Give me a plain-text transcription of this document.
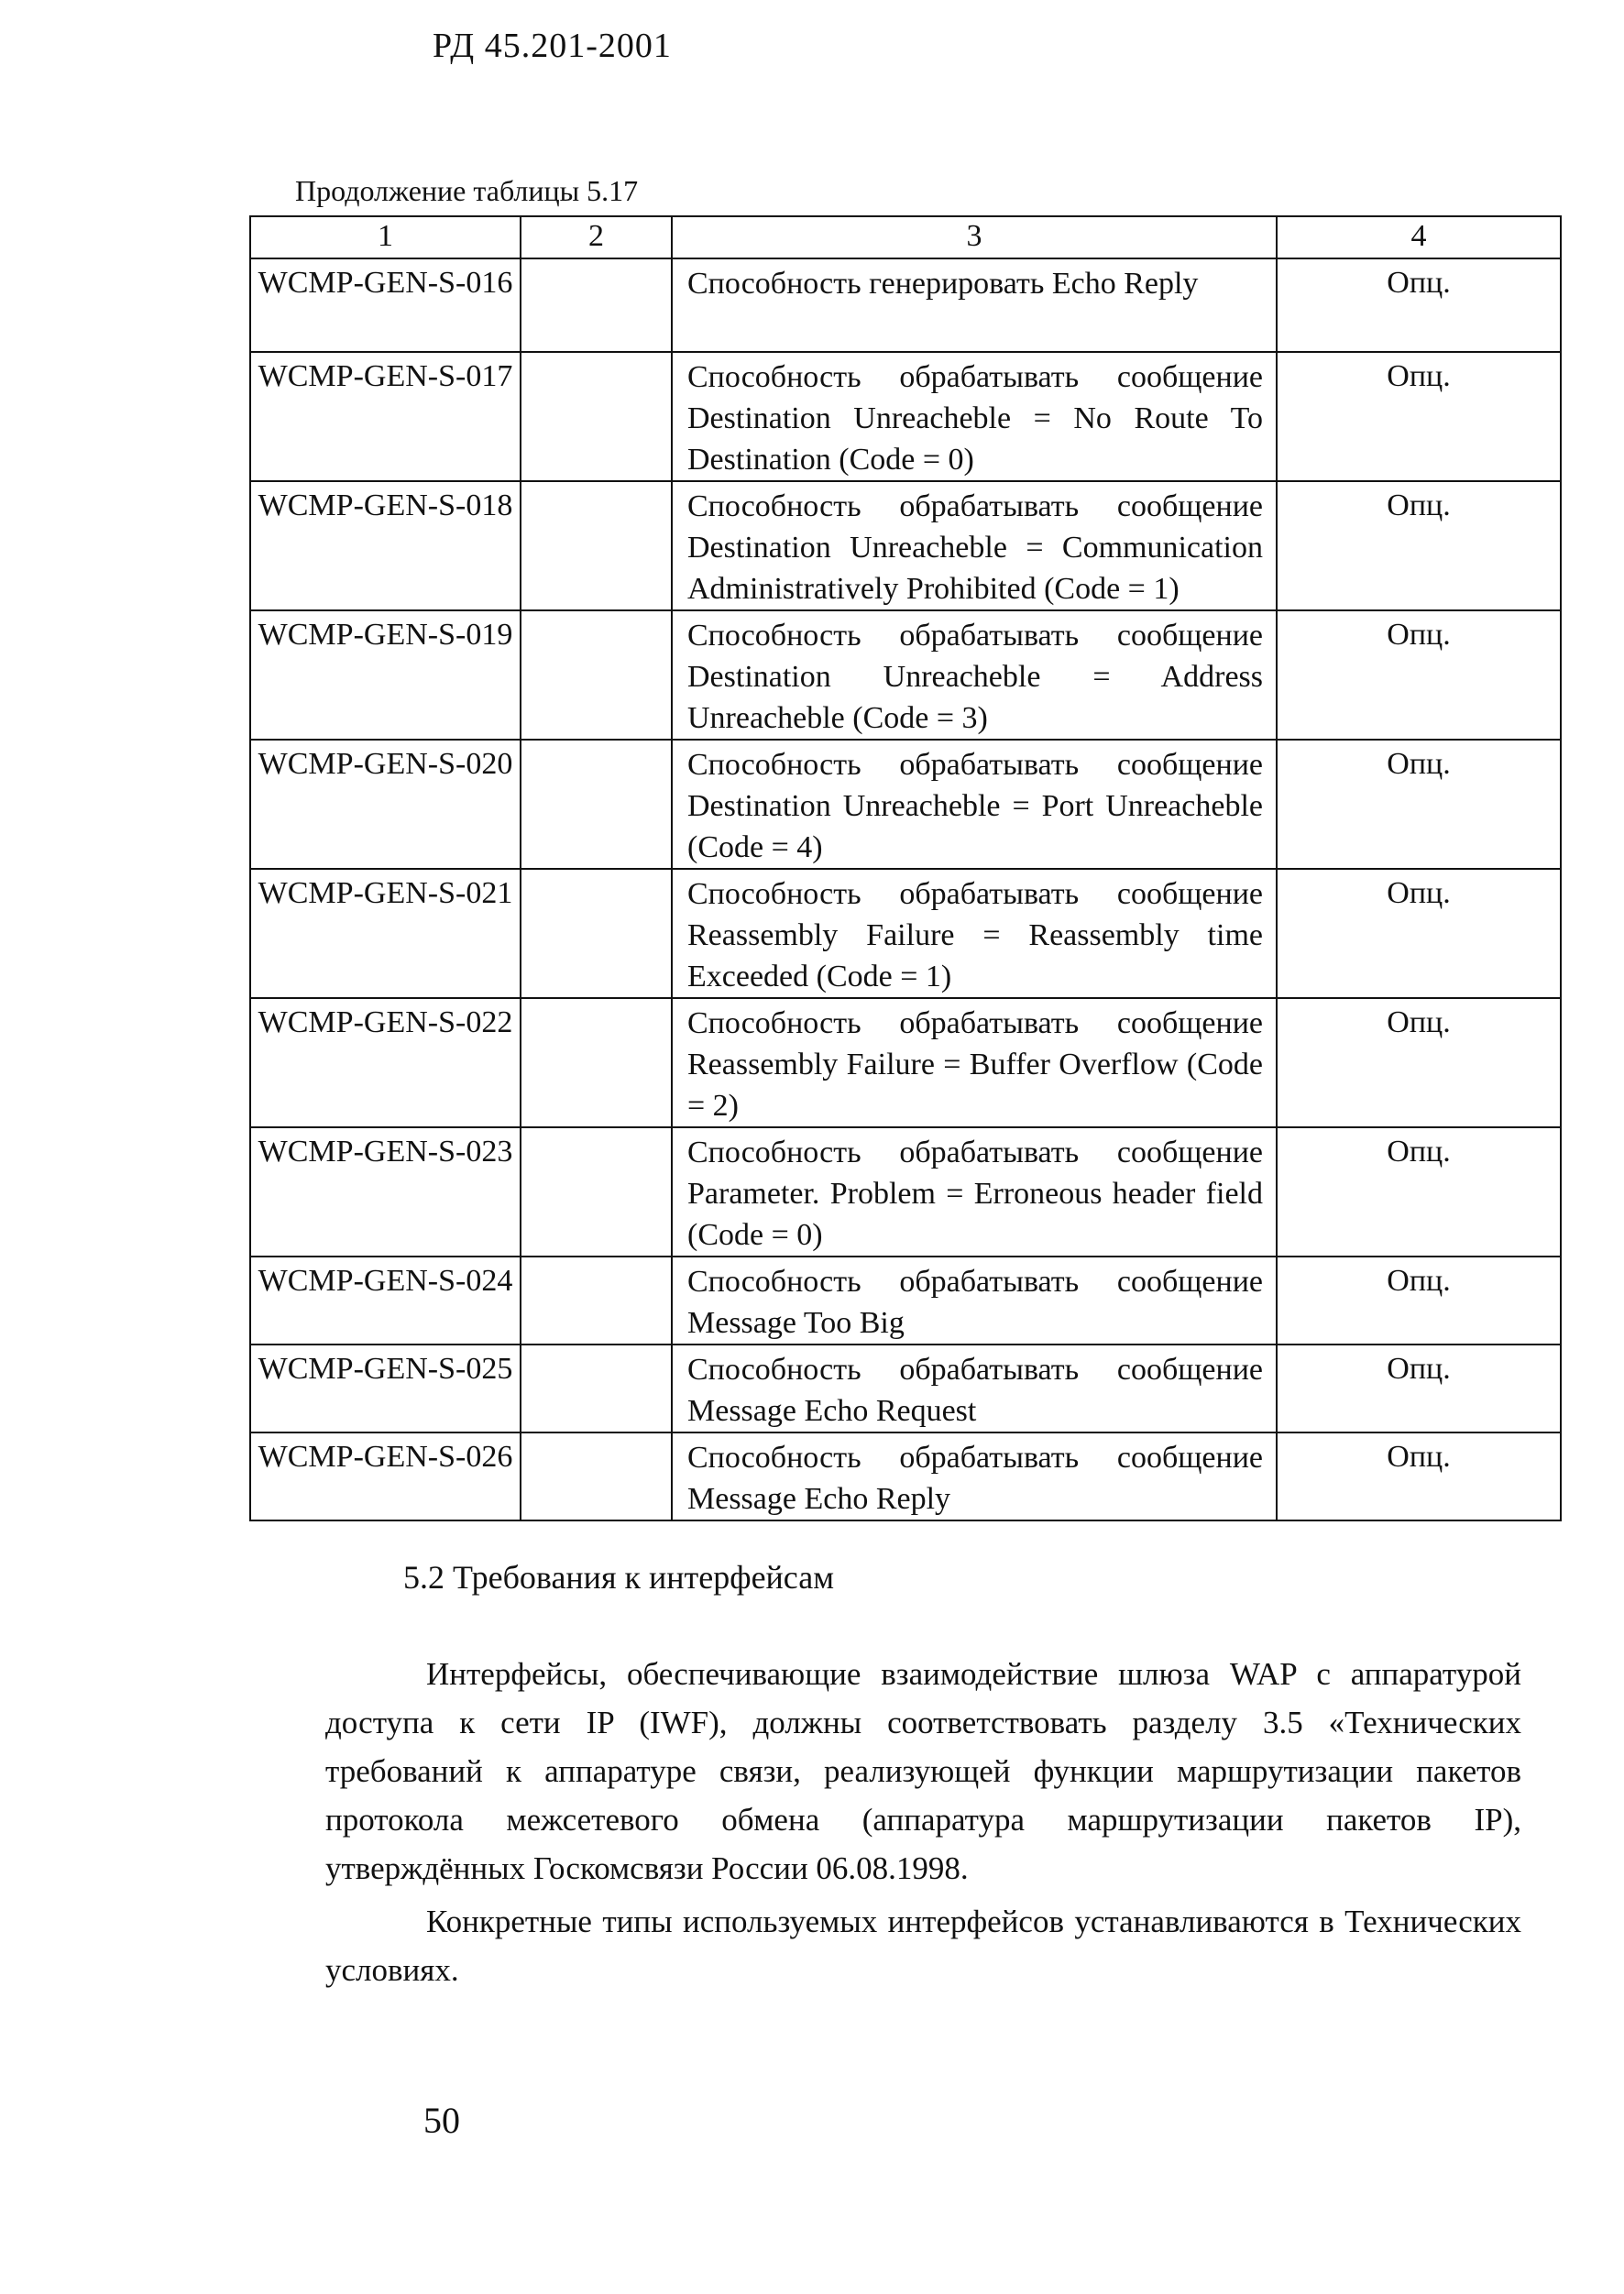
РД 45.201-2001
Продолжение таблицы 5.17
1	2	3	4
WCMP-GEN-S-016		Способность генерировать Echo Reply	Опц.
WCMP-GEN-S-017		Способность обрабатывать сообщение Destination Unreacheble = No Route To Destination (Code = 0)	Опц.
WCMP-GEN-S-018		Способность обрабатывать сообщение Destination Unreacheble = Communication Administratively Prohibited (Code = 1)	Опц.
WCMP-GEN-S-019		Способность обрабатывать сообщение Destination Unreacheble = Address Unreacheble (Code = 3)	Опц.
WCMP-GEN-S-020		Способность обрабатывать сообщение Destination Unreacheble = Port Unreacheble (Code = 4)	Опц.
WCMP-GEN-S-021		Способность обрабатывать сообщение Reassembly Failure = Reassembly time Exceeded (Code = 1)	Опц.
WCMP-GEN-S-022		Способность обрабатывать сообщение Reassembly Failure = Buffer Overflow (Code = 2)	Опц.
WCMP-GEN-S-023		Способность обрабатывать сообщение Parameter. Problem = Erroneous header field (Code = 0)	Опц.
WCMP-GEN-S-024		Способность обрабатывать сообщение Message Too Big	Опц.
WCMP-GEN-S-025		Способность обрабатывать сообщение Message Echo Request	Опц.
WCMP-GEN-S-026		Способность обрабатывать сообщение Message Echo Reply	Опц.
5.2 Требования к интерфейсам

Интерфейсы, обеспечивающие взаимодействие шлюза WAP с аппаратурой доступа к сети IP (IWF), должны соответствовать разделу 3.5 «Технических требований к аппаратуре связи, реализующей функции маршрутизации пакетов протокола межсетевого обмена (аппаратура маршрутизации пакетов IP), утверждённых Госкомсвязи России 06.08.1998.

Конкретные типы используемых интерфейсов устанавливаются в Технических условиях.

50
